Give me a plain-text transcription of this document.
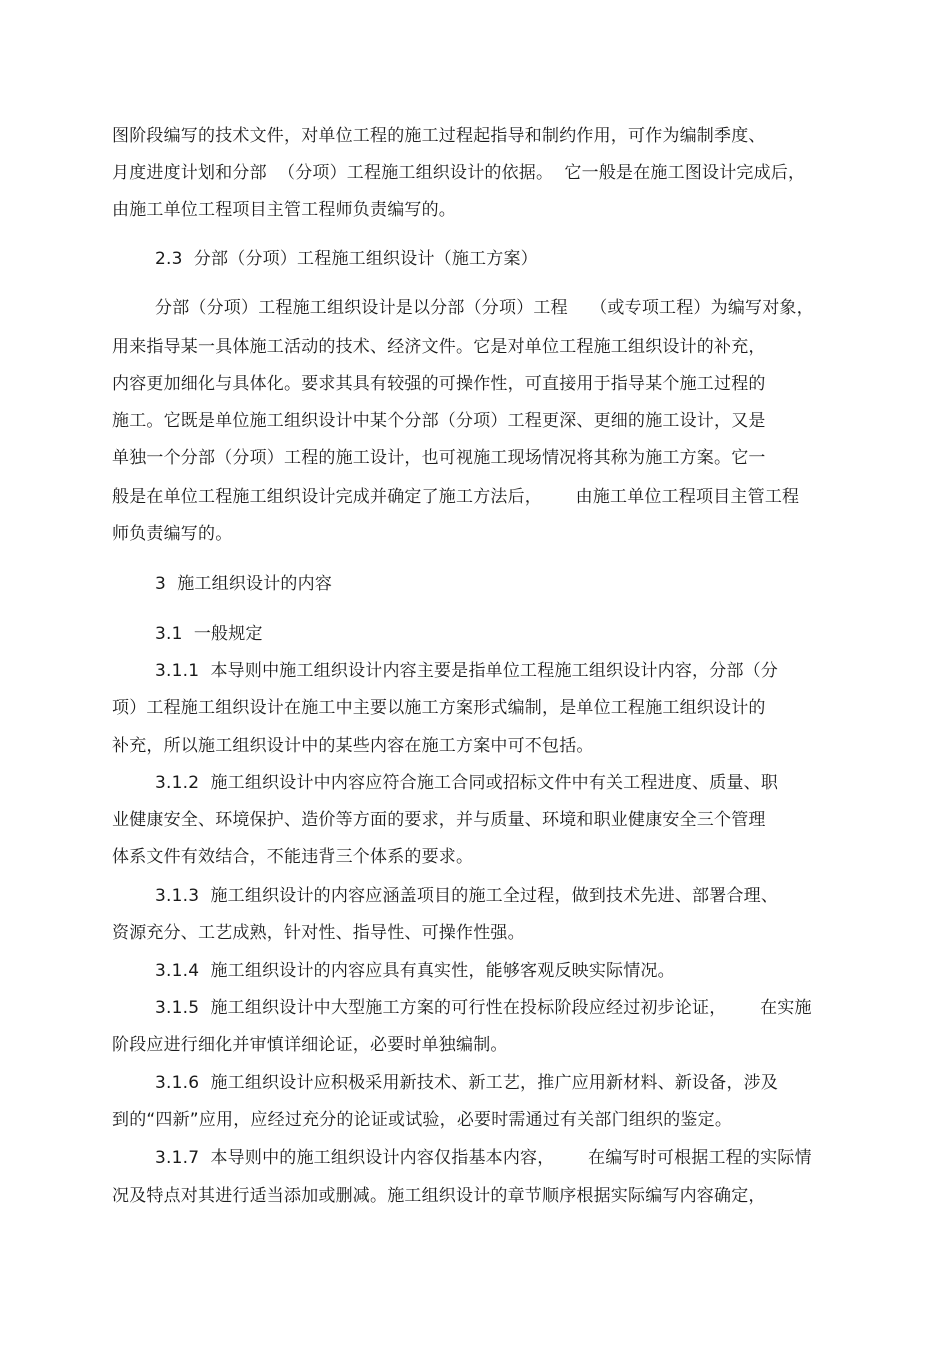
图阶段编写的技术文件，对单位工程的施工过程起指导和制约作用，可作为编制季度、
月度进度计划和分部  （分项）工程施工组织设计的依据。  它一般是在施工图设计完成后，
由施工单位工程项目主管工程师负责编写的。
2.3  分部（分项）工程施工组织设计（施工方案）
分部（分项）工程施工组织设计是以分部（分项）工程    （或专项工程）为编写对象，
用来指导某一具体施工活动的技术、经济文件。它是对单位工程施工组织设计的补充，
内容更加细化与具体化。要求其具有较强的可操作性，可直接用于指导某个施工过程的
施工。它既是单位施工组织设计中某个分部（分项）工程更深、更细的施工设计，又是
单独一个分部（分项）工程的施工设计，也可视施工现场情况将其称为施工方案。它一
般是在单位工程施工组织设计完成并确定了施工方法后，      由施工单位工程项目主管工程
师负责编写的。
3  施工组织设计的内容
3.1  一般规定
3.1.1  本导则中施工组织设计内容主要是指单位工程施工组织设计内容，分部（分
项）工程施工组织设计在施工中主要以施工方案形式编制，是单位工程施工组织设计的
补充，所以施工组织设计中的某些内容在施工方案中可不包括。
3.1.2  施工组织设计中内容应符合施工合同或招标文件中有关工程进度、质量、职
业健康安全、环境保护、造价等方面的要求，并与质量、环境和职业健康安全三个管理
体系文件有效结合，不能违背三个体系的要求。
3.1.3  施工组织设计的内容应涵盖项目的施工全过程，做到技术先进、部署合理、
资源充分、工艺成熟，针对性、指导性、可操作性强。
3.1.4  施工组织设计的内容应具有真实性，能够客观反映实际情况。
3.1.5  施工组织设计中大型施工方案的可行性在投标阶段应经过初步论证，      在实施
阶段应进行细化并审慎详细论证，必要时单独编制。
3.1.6  施工组织设计应积极采用新技术、新工艺，推广应用新材料、新设备，涉及
到的“四新”应用，应经过充分的论证或试验，必要时需通过有关部门组织的鉴定。
3.1.7  本导则中的施工组织设计内容仅指基本内容，      在编写时可根据工程的实际情
况及特点对其进行适当添加或删减。施工组织设计的章节顺序根据实际编写内容确定，
